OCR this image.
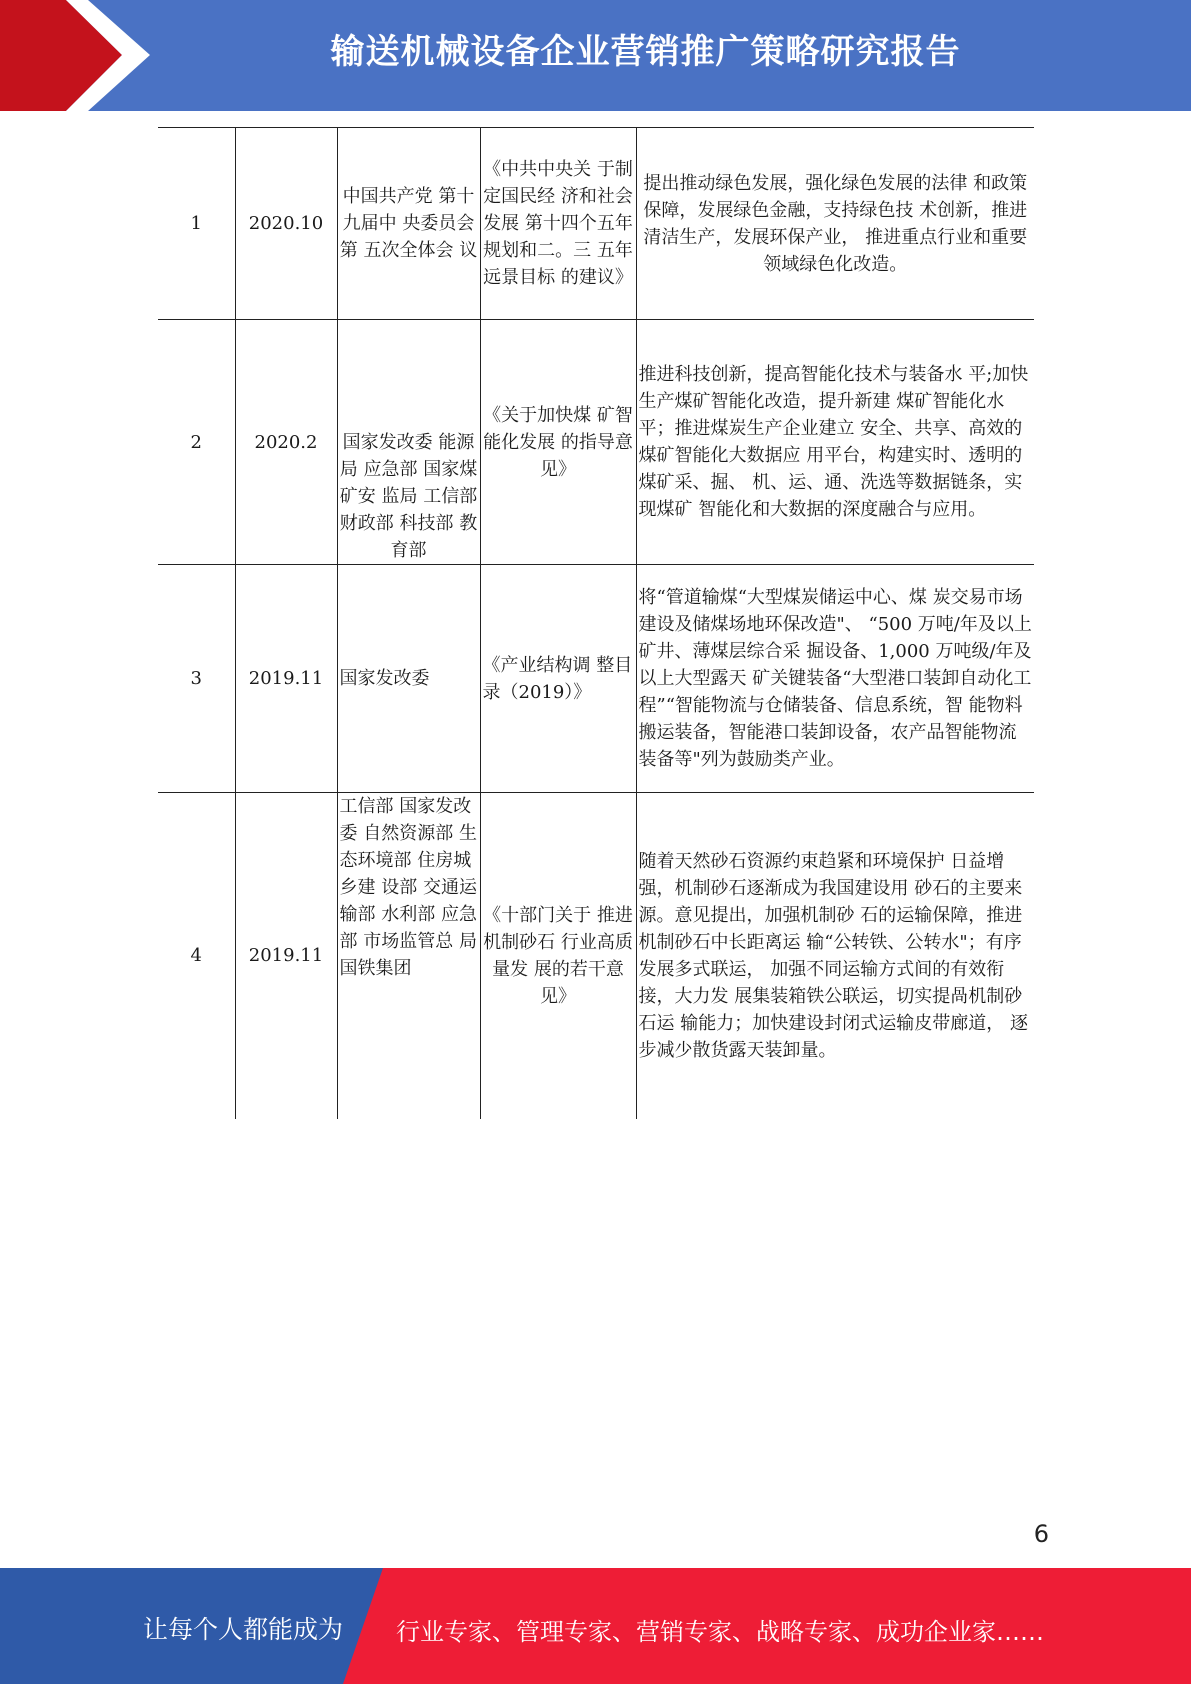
输送机械设备企业营销推广策略研究报告
1	2020.10	中国共产党 第十九届中 央委员会第 五次全体会 议	《中共中央关 于制定国民经 济和社会发展 第十四个五年 规划和二。三 五年远景目标 的建议》	提出推动绿色发展，强化绿色发展的法律 和政策保障，发展绿色金融，支持绿色技 术创新，推进清洁生产，发展环保产业， 推进重点行业和重要领域绿色化改造。
2	2020.2	国家发改委 能源局 应急部 国家煤矿安 监局 工信部 财政部 科技部 教育部	《关于加快煤 矿智能化发展 的指导意见》	推进科技创新，提高智能化技术与装备水 平;加快生产煤矿智能化改造，提升新建 煤矿智能化水平；推进煤炭生产企业建立 安全、共享、高效的煤矿智能化大数据应 用平台，构建实时、透明的煤矿采、掘、 机、运、通、洗选等数据链条，实现煤矿 智能化和大数据的深度融合与应用。
3	2019.11	国家发改委	《产业结构调 整目录（2019）》	将“管道输煤“大型煤炭储运中心、煤 炭交易市场建设及储煤场地环保改造"、 “500 万吨/年及以上矿井、薄煤层综合采 掘设备、1,000 万吨级/年及以上大型露天 矿关键装备“大型港口装卸自动化工 程”“智能物流与仓储装备、信息系统，智 能物料搬运装备，智能港口装卸设备，农产品智能物流装备等"列为鼓励类产业。
4	2019.11	工信部 国家发改委 自然资源部 生态环境部 住房城乡建 设部 交通运输部 水利部 应急部 市场监管总 局 国铁集团	《十部门关于 推进机制砂石 行业高质量发 展的若干意 见》	随着天然砂石资源约束趋紧和环境保护 日益增强，机制砂石逐渐成为我国建设用 砂石的主要来源。意见提出，加强机制砂 石的运输保障，推进机制砂石中长距离运 输“公转铁、公转水"；有序发展多式联运， 加强不同运输方式间的有效衔接，大力发 展集装箱铁公联运，切实提咼机制砂石运 输能力；加快建设封闭式运输皮带廊道， 逐步减少散货露天装卸量。
6
让每个人都能成为 行业专家、管理专家、营销专家、战略专家、成功企业家……
